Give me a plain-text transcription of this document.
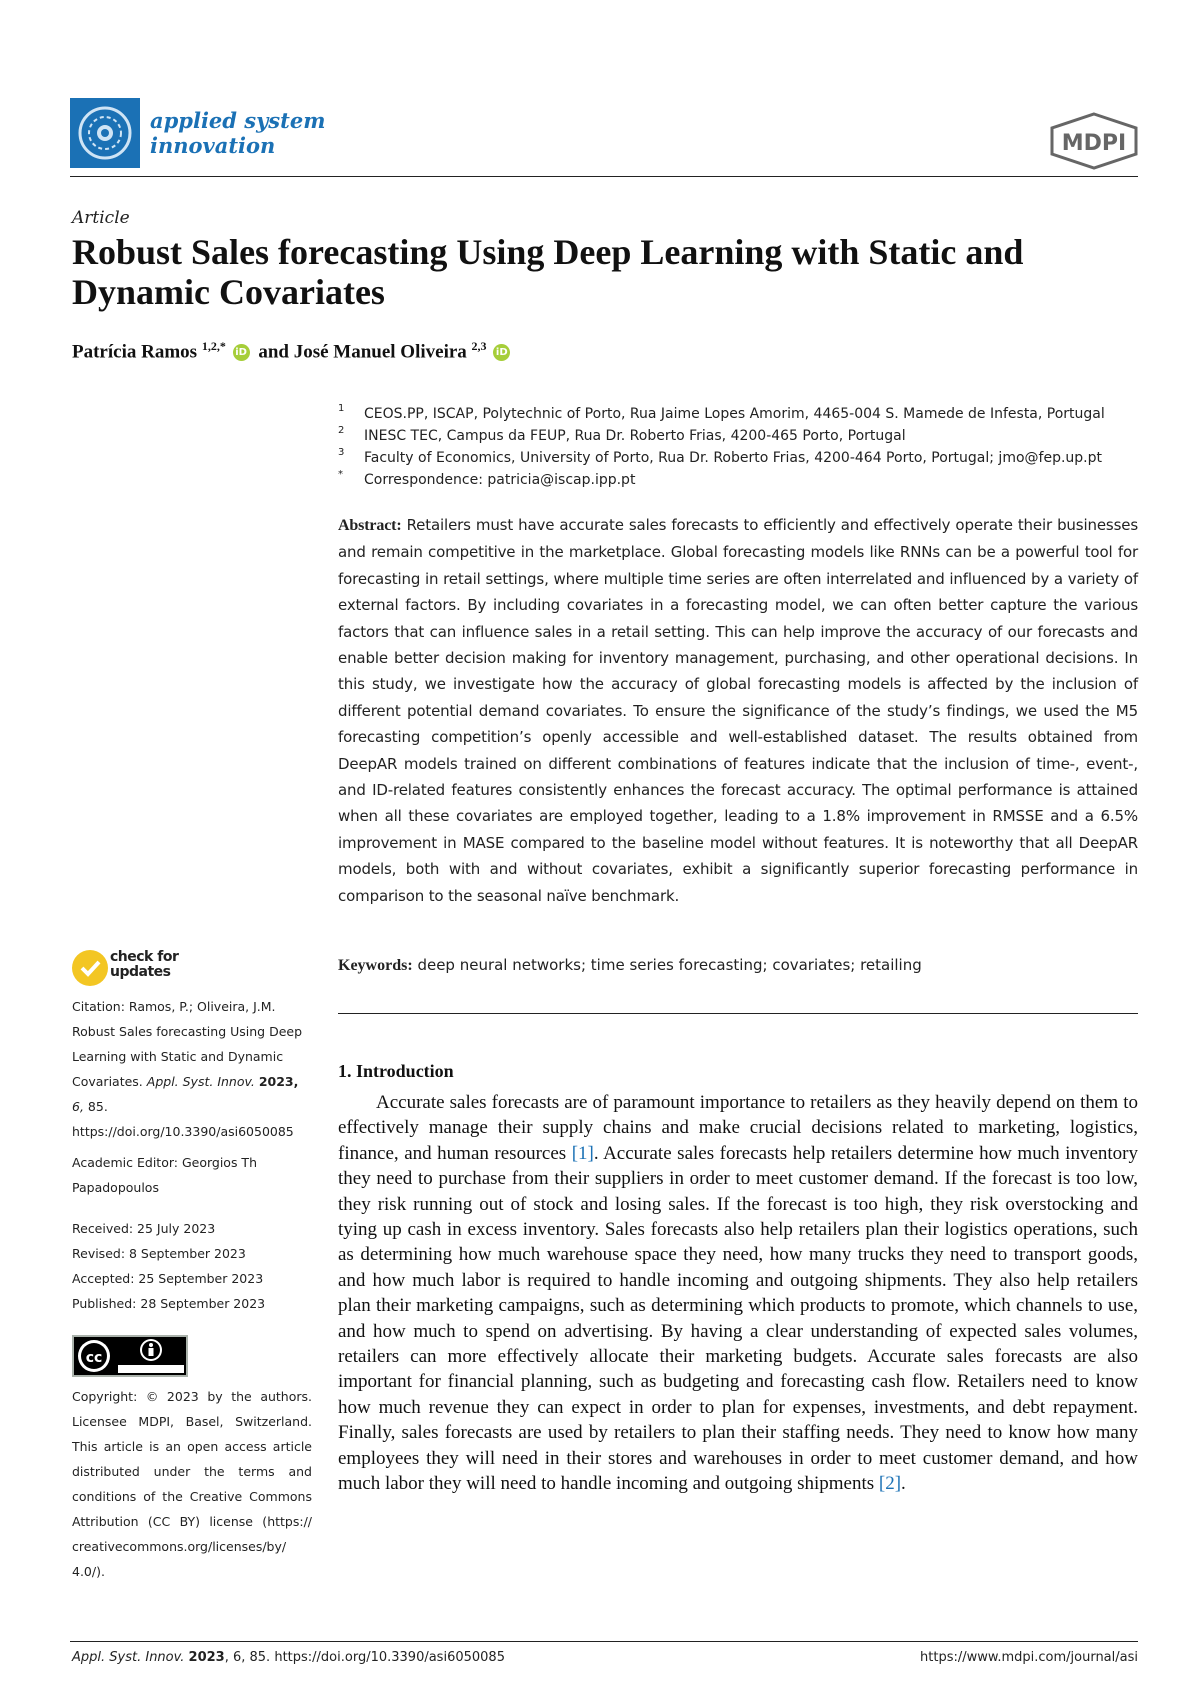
applied system innovation	MDPI
Article
Robust Sales forecasting Using Deep Learning with Static and Dynamic Covariates
Patrícia Ramos $^{1,2,*}$ iD and José Manuel Oliveira $^{2,3}$ iD
1 CEOS.PP, ISCAP, Polytechnic of Porto, Rua Jaime Lopes Amorim, 4465-004 S. Mamede de Infesta, Portugal
2 INESC TEC, Campus da FEUP, Rua Dr. Roberto Frias, 4200-465 Porto, Portugal
3 Faculty of Economics, University of Porto, Rua Dr. Roberto Frias, 4200-464 Porto, Portugal; jmo@fep.up.pt
* Correspondence: patricia@iscap.ipp.pt
Abstract: Retailers must have accurate sales forecasts to efficiently and effectively operate their businesses and remain competitive in the marketplace. Global forecasting models like RNNs can be a powerful tool for forecasting in retail settings, where multiple time series are often interrelated and influenced by a variety of external factors. By including covariates in a forecasting model, we can often better capture the various factors that can influence sales in a retail setting. This can help improve the accuracy of our forecasts and enable better decision making for inventory management, purchasing, and other operational decisions. In this study, we investigate how the accuracy of global forecasting models is affected by the inclusion of different potential demand covariates. To ensure the significance of the study’s findings, we used the M5 forecasting competition’s openly accessible and well-established dataset. The results obtained from DeepAR models trained on different combinations of features indicate that the inclusion of time-, event-, and ID-related features consistently enhances the forecast accuracy. The optimal performance is attained when all these covariates are employed together, leading to a 1.8% improvement in RMSSE and a 6.5% improvement in MASE compared to the baseline model without features. It is noteworthy that all DeepAR models, both with and without covariates, exhibit a significantly superior forecasting performance in comparison to the seasonal naïve benchmark.
Keywords: deep neural networks; time series forecasting; covariates; retailing
check for
updates
Citation: Ramos, P.; Oliveira, J.M. Robust Sales forecasting Using Deep Learning with Static and Dynamic Covariates. Appl. Syst. Innov. 2023, 6, 85. https://doi.org/10.3390/asi6050085
Academic Editor: Georgios Th Papadopoulos
Received: 25 July 2023
Revised: 8 September 2023
Accepted: 25 September 2023
Published: 28 September 2023
cc
Copyright: © 2023 by the authors. Licensee MDPI, Basel, Switzerland. This article is an open access article distributed under the terms and conditions of the Creative Commons Attribution (CC BY) license (https:// creativecommons.org/licenses/by/ 4.0/).
1. Introduction
Accurate sales forecasts are of paramount importance to retailers as they heavily depend on them to effectively manage their supply chains and make crucial decisions related to marketing, logistics, finance, and human resources [1]. Accurate sales forecasts help retailers determine how much inventory they need to purchase from their suppliers in order to meet customer demand. If the forecast is too low, they risk running out of stock and losing sales. If the forecast is too high, they risk overstocking and tying up cash in excess inventory. Sales forecasts also help retailers plan their logistics operations, such as determining how much warehouse space they need, how many trucks they need to transport goods, and how much labor is required to handle incoming and outgoing shipments. They also help retailers plan their marketing campaigns, such as determining which products to promote, which channels to use, and how much to spend on advertising. By having a clear understanding of expected sales volumes, retailers can more effectively allocate their marketing budgets. Accurate sales forecasts are also important for financial planning, such as budgeting and forecasting cash flow. Retailers need to know how much revenue they can expect in order to plan for expenses, investments, and debt repayment. Finally, sales forecasts are used by retailers to plan their staffing needs. They need to know how many employees they will need in their stores and warehouses in order to meet customer demand, and how much labor they will need to handle incoming and outgoing shipments [2].
Appl. Syst. Innov. 2023, 6, 85. https://doi.org/10.3390/asi6050085	https://www.mdpi.com/journal/asi
